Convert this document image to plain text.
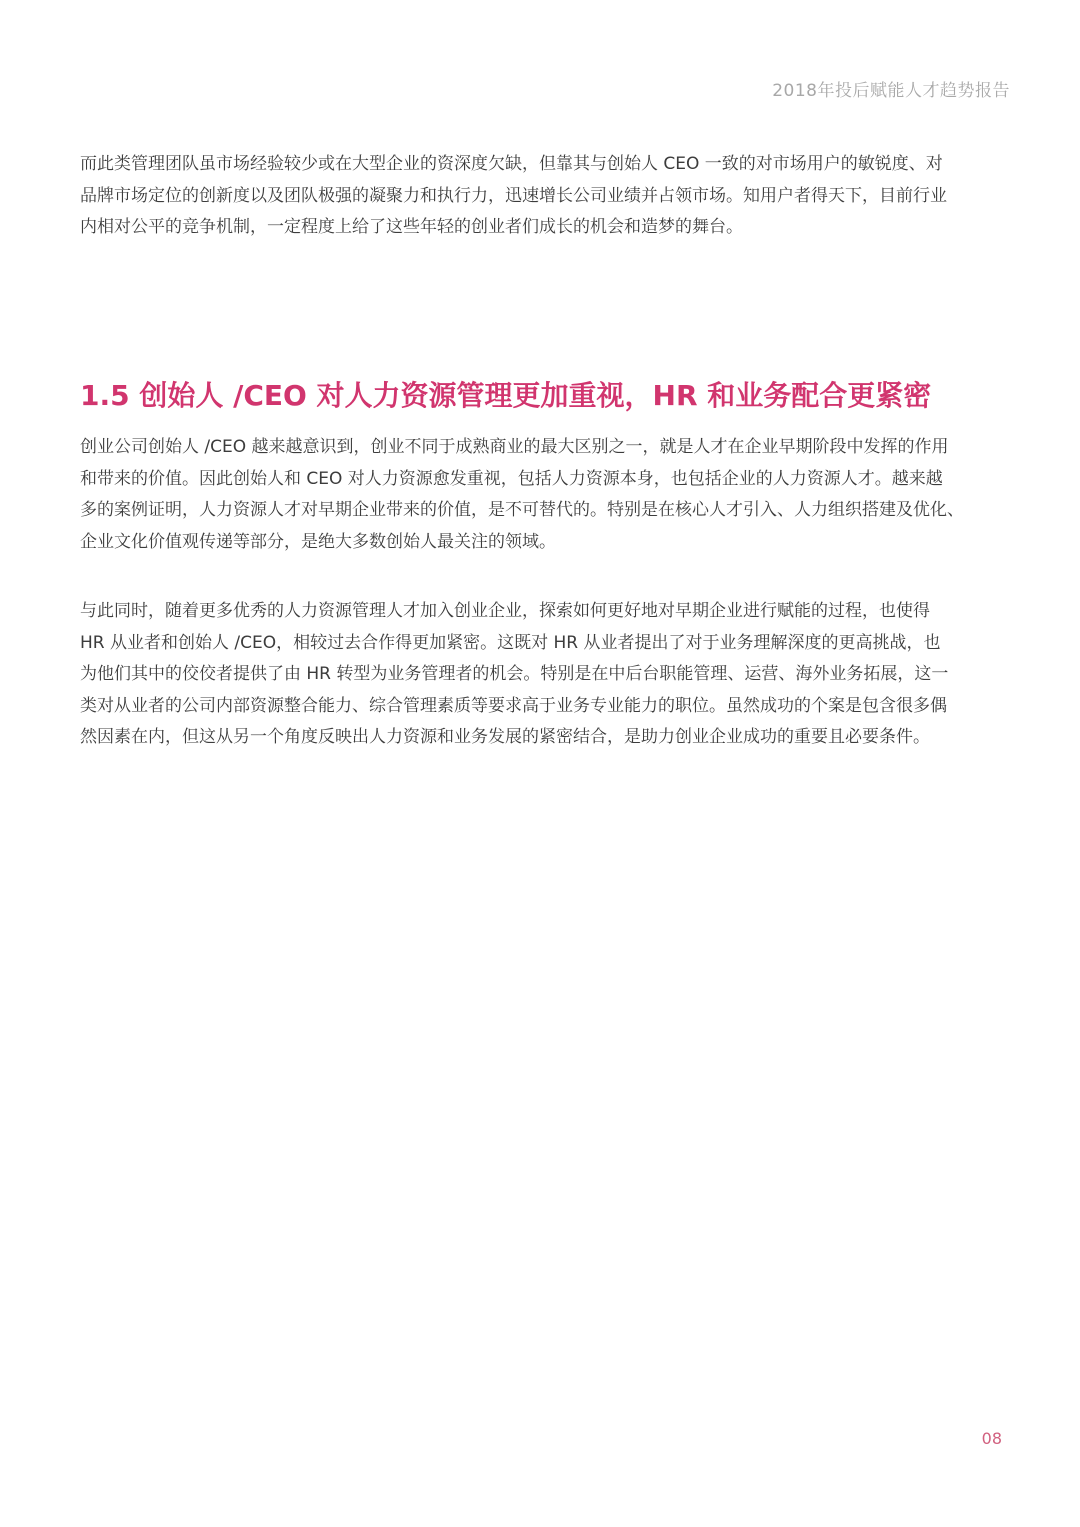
2018年投后赋能人才趋势报告

而此类管理团队虽市场经验较少或在大型企业的资深度欠缺，但靠其与创始人 CEO 一致的对市场用户的敏锐度、对
品牌市场定位的创新度以及团队极强的凝聚力和执行力，迅速增长公司业绩并占领市场。知用户者得天下，目前行业
内相对公平的竞争机制，一定程度上给了这些年轻的创业者们成长的机会和造梦的舞台。

1.5 创始人 /CEO 对人力资源管理更加重视，HR 和业务配合更紧密

创业公司创始人 /CEO 越来越意识到，创业不同于成熟商业的最大区别之一，就是人才在企业早期阶段中发挥的作用
和带来的价值。因此创始人和 CEO 对人力资源愈发重视，包括人力资源本身，也包括企业的人力资源人才。越来越
多的案例证明，人力资源人才对早期企业带来的价值，是不可替代的。特别是在核心人才引入、人力组织搭建及优化、
企业文化价值观传递等部分，是绝大多数创始人最关注的领域。

与此同时，随着更多优秀的人力资源管理人才加入创业企业，探索如何更好地对早期企业进行赋能的过程，也使得
HR 从业者和创始人 /CEO，相较过去合作得更加紧密。这既对 HR 从业者提出了对于业务理解深度的更高挑战，也
为他们其中的佼佼者提供了由 HR 转型为业务管理者的机会。特别是在中后台职能管理、运营、海外业务拓展，这一
类对从业者的公司内部资源整合能力、综合管理素质等要求高于业务专业能力的职位。虽然成功的个案是包含很多偶
然因素在内，但这从另一个角度反映出人力资源和业务发展的紧密结合，是助力创业企业成功的重要且必要条件。

08
